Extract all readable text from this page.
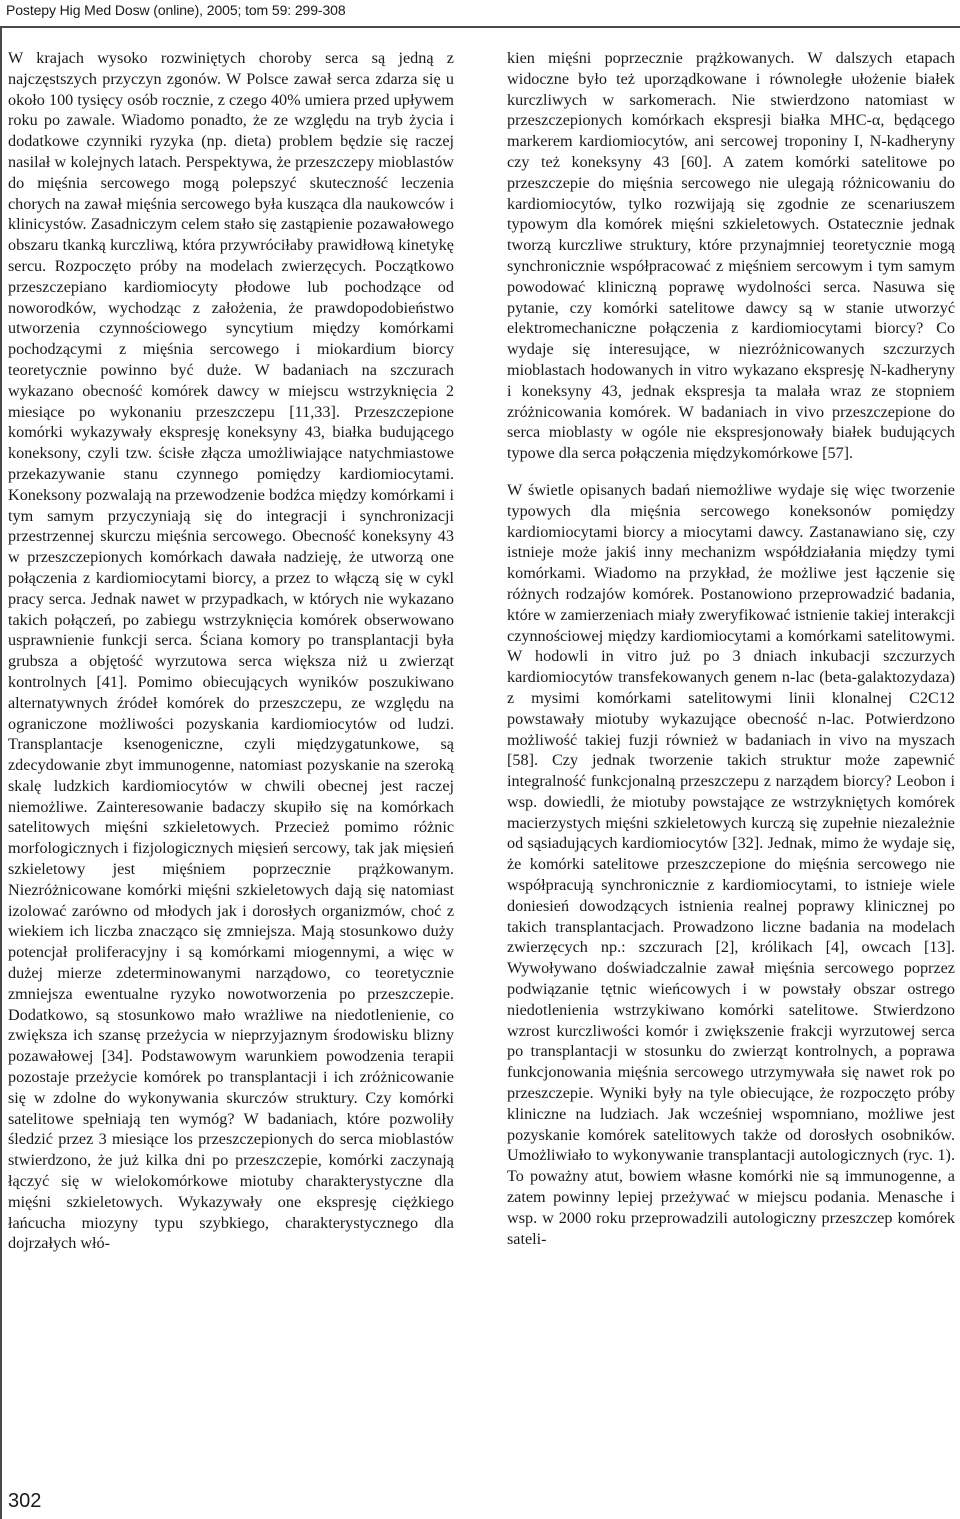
Postepy Hig Med Dosw (online), 2005; tom 59: 299-308

W krajach wysoko rozwiniętych choroby serca są jedną z najczęstszych przyczyn zgonów. W Polsce zawał serca zdarza się u około 100 tysięcy osób rocznie, z czego 40% umiera przed upływem roku po zawale. Wiadomo ponadto, że ze względu na tryb życia i dodatkowe czynniki ryzyka (np. dieta) problem będzie się raczej nasilał w kolejnych latach. Perspektywa, że przeszczepy mioblastów do mięśnia sercowego mogą polepszyć skuteczność leczenia chorych na zawał mięśnia sercowego była kusząca dla naukowców i klinicystów. Zasadniczym celem stało się zastąpienie pozawałowego obszaru tkanką kurczliwą, która przywróciłaby prawidłową kinetykę sercu. Rozpoczęto próby na modelach zwierzęcych. Początkowo przeszczepiano kardiomiocyty płodowe lub pochodzące od noworodków, wychodząc z założenia, że prawdopodobieństwo utworzenia czynnościowego syncytium między komórkami pochodzącymi z mięśnia sercowego i miokardium biorcy teoretycznie powinno być duże. W badaniach na szczurach wykazano obecność komórek dawcy w miejscu wstrzyknięcia 2 miesiące po wykonaniu przeszczepu [11,33]. Przeszczepione komórki wykazywały ekspresję koneksyny 43, białka budującego koneksony, czyli tzw. ścisłe złącza umożliwiające natychmiastowe przekazywanie stanu czynnego pomiędzy kardiomiocytami. Koneksony pozwalają na przewodzenie bodźca między komórkami i tym samym przyczyniają się do integracji i synchronizacji przestrzennej skurczu mięśnia sercowego. Obecność koneksyny 43 w przeszczepionych komórkach dawała nadzieję, że utworzą one połączenia z kardiomiocytami biorcy, a przez to włączą się w cykl pracy serca. Jednak nawet w przypadkach, w których nie wykazano takich połączeń, po zabiegu wstrzyknięcia komórek obserwowano usprawnienie funkcji serca. Ściana komory po transplantacji była grubsza a objętość wyrzutowa serca większa niż u zwierząt kontrolnych [41]. Pomimo obiecujących wyników poszukiwano alternatywnych źródeł komórek do przeszczepu, ze względu na ograniczone możliwości pozyskania kardiomiocytów od ludzi. Transplantacje ksenogeniczne, czyli międzygatunkowe, są zdecydowanie zbyt immunogenne, natomiast pozyskanie na szeroką skalę ludzkich kardiomiocytów w chwili obecnej jest raczej niemożliwe. Zainteresowanie badaczy skupiło się na komórkach satelitowych mięśni szkieletowych. Przecież pomimo różnic morfologicznych i fizjologicznych mięsień sercowy, tak jak mięsień szkieletowy jest mięśniem poprzecznie prążkowanym. Niezróżnicowane komórki mięśni szkieletowych dają się natomiast izolować zarówno od młodych jak i dorosłych organizmów, choć z wiekiem ich liczba znacząco się zmniejsza. Mają stosunkowo duży potencjał proliferacyjny i są komórkami miogennymi, a więc w dużej mierze zdeterminowanymi narządowo, co teoretycznie zmniejsza ewentualne ryzyko nowotworzenia po przeszczepie. Dodatkowo, są stosunkowo mało wrażliwe na niedotlenienie, co zwiększa ich szansę przeżycia w nieprzyjaznym środowisku blizny pozawałowej [34]. Podstawowym warunkiem powodzenia terapii pozostaje przeżycie komórek po transplantacji i ich zróżnicowanie się w zdolne do wykonywania skurczów struktury. Czy komórki satelitowe spełniają ten wymóg? W badaniach, które pozwoliły śledzić przez 3 miesiące los przeszczepionych do serca mioblastów stwierdzono, że już kilka dni po przeszczepie, komórki zaczynają łączyć się w wielokomórkowe miotuby charakterystyczne dla mięśni szkieletowych. Wykazywały one ekspresję ciężkiego łańcucha miozyny typu szybkiego, charakterystycznego dla dojrzałych włó-

kien mięśni poprzecznie prążkowanych. W dalszych etapach widoczne było też uporządkowane i równoległe ułożenie białek kurczliwych w sarkomerach. Nie stwierdzono natomiast w przeszczepionych komórkach ekspresji białka MHC-α, będącego markerem kardiomiocytów, ani sercowej troponiny I, N-kadheryny czy też koneksyny 43 [60]. A zatem komórki satelitowe po przeszczepie do mięśnia sercowego nie ulegają różnicowaniu do kardiomiocytów, tylko rozwijają się zgodnie ze scenariuszem typowym dla komórek mięśni szkieletowych. Ostatecznie jednak tworzą kurczliwe struktury, które przynajmniej teoretycznie mogą synchronicznie współpracować z mięśniem sercowym i tym samym powodować kliniczną poprawę wydolności serca. Nasuwa się pytanie, czy komórki satelitowe dawcy są w stanie utworzyć elektromechaniczne połączenia z kardiomiocytami biorcy? Co wydaje się interesujące, w niezróżnicowanych szczurzych mioblastach hodowanych in vitro wykazano ekspresję N-kadheryny i koneksyny 43, jednak ekspresja ta malała wraz ze stopniem zróżnicowania komórek. W badaniach in vivo przeszczepione do serca mioblasty w ogóle nie ekspresjonowały białek budujących typowe dla serca połączenia międzykomórkowe [57].

W świetle opisanych badań niemożliwe wydaje się więc tworzenie typowych dla mięśnia sercowego koneksonów pomiędzy kardiomiocytami biorcy a miocytami dawcy. Zastanawiano się, czy istnieje może jakiś inny mechanizm współdziałania między tymi komórkami. Wiadomo na przykład, że możliwe jest łączenie się różnych rodzajów komórek. Postanowiono przeprowadzić badania, które w zamierzeniach miały zweryfikować istnienie takiej interakcji czynnościowej między kardiomiocytami a komórkami satelitowymi. W hodowli in vitro już po 3 dniach inkubacji szczurzych kardiomiocytów transfekowanych genem n-lac (beta-galaktozydaza) z mysimi komórkami satelitowymi linii klonalnej C2C12 powstawały miotuby wykazujące obecność n-lac. Potwierdzono możliwość takiej fuzji również w badaniach in vivo na myszach [58]. Czy jednak tworzenie takich struktur może zapewnić integralność funkcjonalną przeszczepu z narządem biorcy? Leobon i wsp. dowiedli, że miotuby powstające ze wstrzykniętych komórek macierzystych mięśni szkieletowych kurczą się zupełnie niezależnie od sąsiadujących kardiomiocytów [32]. Jednak, mimo że wydaje się, że komórki satelitowe przeszczepione do mięśnia sercowego nie współpracują synchronicznie z kardiomiocytami, to istnieje wiele doniesień dowodzących istnienia realnej poprawy klinicznej po takich transplantacjach. Prowadzono liczne badania na modelach zwierzęcych np.: szczurach [2], królikach [4], owcach [13]. Wywoływano doświadczalnie zawał mięśnia sercowego poprzez podwiązanie tętnic wieńcowych i w powstały obszar ostrego niedotlenienia wstrzykiwano komórki satelitowe. Stwierdzono wzrost kurczliwości komór i zwiększenie frakcji wyrzutowej serca po transplantacji w stosunku do zwierząt kontrolnych, a poprawa funkcjonowania mięśnia sercowego utrzymywała się nawet rok po przeszczepie. Wyniki były na tyle obiecujące, że rozpoczęto próby kliniczne na ludziach. Jak wcześniej wspomniano, możliwe jest pozyskanie komórek satelitowych także od dorosłych osobników. Umożliwiało to wykonywanie transplantacji autologicznych (ryc. 1). To poważny atut, bowiem własne komórki nie są immunogenne, a zatem powinny lepiej przeżywać w miejscu podania. Menasche i wsp. w 2000 roku przeprowadzili autologiczny przeszczep komórek sateli-

302
